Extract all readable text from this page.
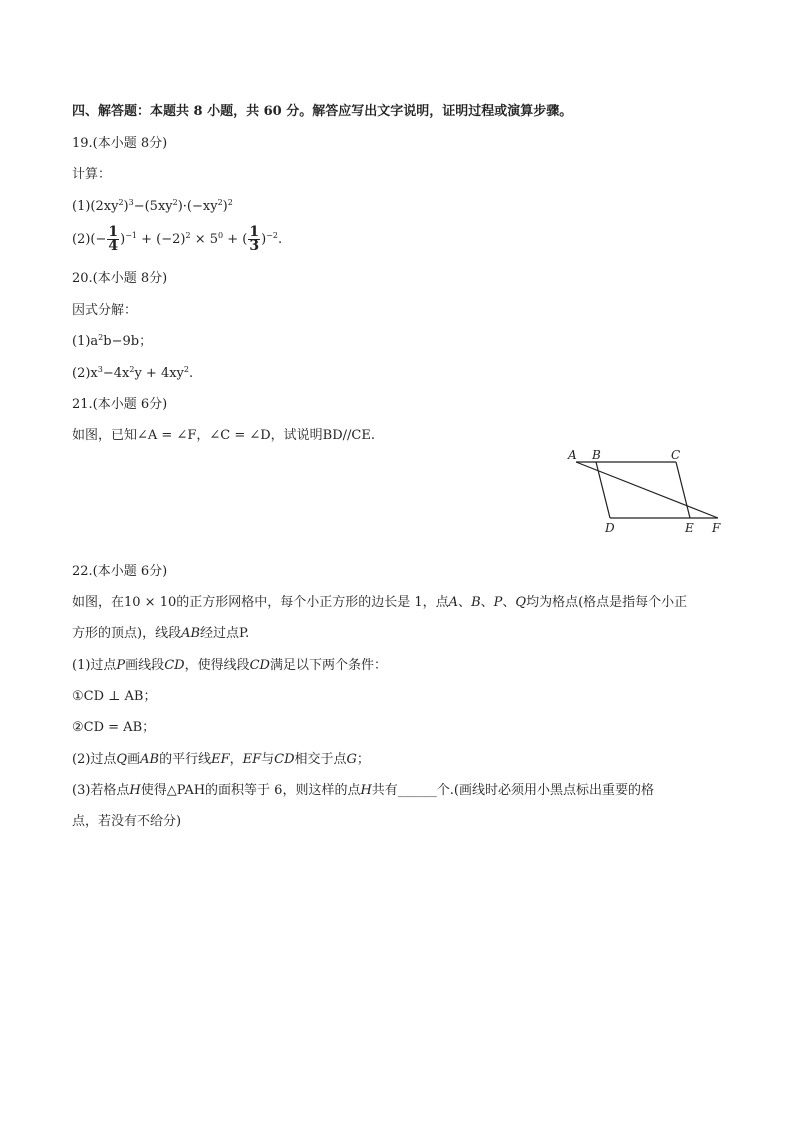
四、解答题：本题共 8 小题，共 60 分。解答应写出文字说明，证明过程或演算步骤。
19.(本小题 8分)
计算：
$(1)(2xy^2)^3-(5xy^2)\cdot(-xy^2)^2$
$(2)(- \frac{1}{4} )^{-1} + (-2)^2 \times 5^0$ + ( $\frac{1}{3} )^{-2}$.
20.(本小题 8分)
因式分解：
$(1)a^2b-9b$；
$(2)x^3-4x^2y + 4xy^2$.
21.(本小题 6分)
如图，已知∠A = ∠F，∠C = ∠D，试说明BD//CE.
A B	C
D	E F
22.(本小题 6分)
如图，在10 × 10的正方形网格中，每个小正方形的边长是 1，点A、B、P、Q均为格点(格点是指每个小正
方形的顶点)，线段AB经过点P.
(1)过点P画线段CD，使得线段CD满足以下两个条件：
①CD ⊥ AB；
②CD = AB；
(2)过点Q画AB的平行线EF，EF与CD相交于点G；
(3)若格点H使得△PAH的面积等于 6，则这样的点H共有______个.(画线时必须用小黑点标出重要的格
点，若没有不给分)
